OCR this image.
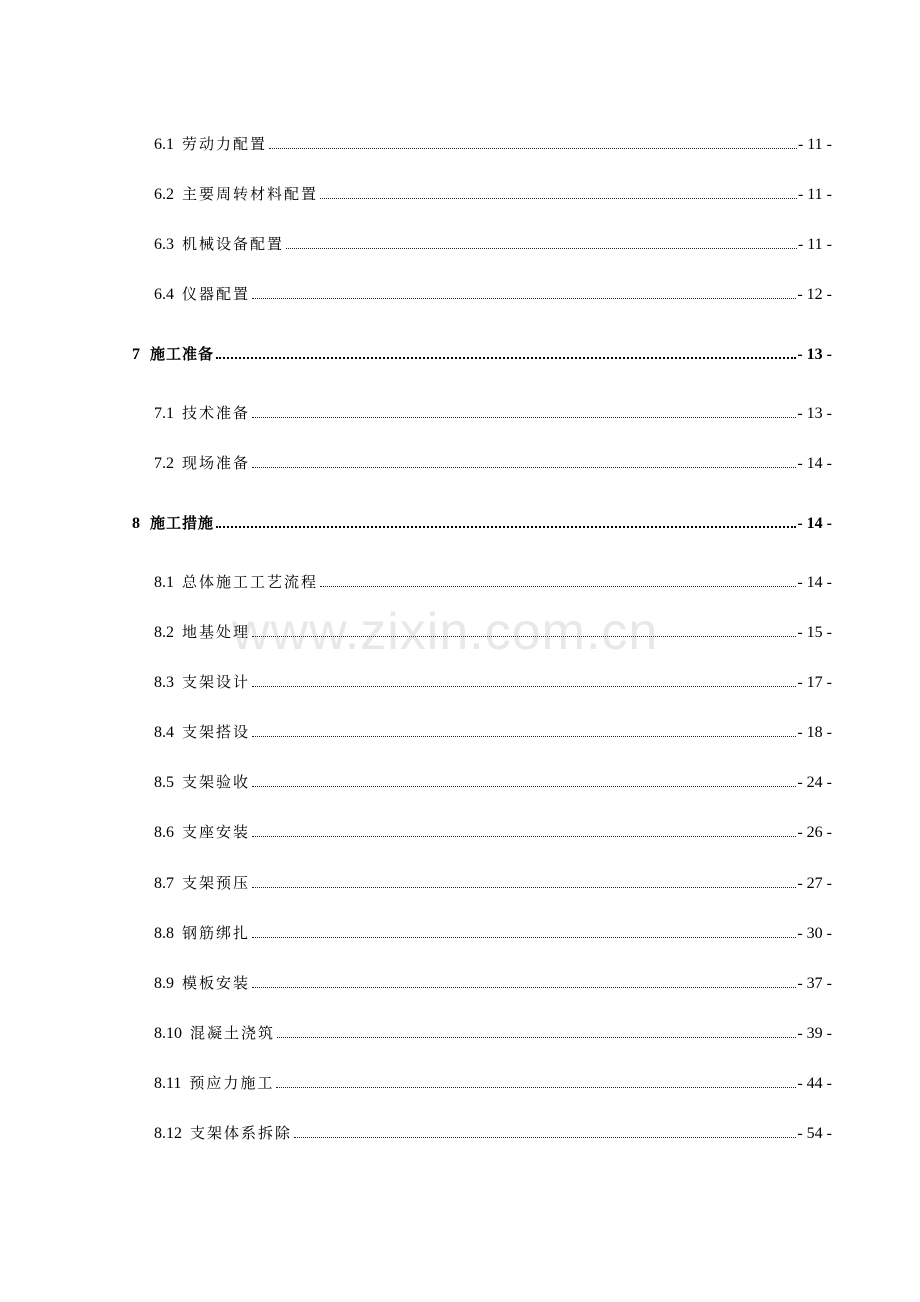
6.1 劳动力配置	- 11 -
6.2 主要周转材料配置	- 11 -
6.3 机械设备配置	- 11 -
6.4 仪器配置	- 12 -
7 施工准备	- 13 -
7.1 技术准备	- 13 -
7.2 现场准备	- 14 -
8 施工措施	- 14 -
8.1 总体施工工艺流程	- 14 -
8.2 地基处理	- 15 -
8.3 支架设计	- 17 -
8.4 支架搭设	- 18 -
8.5 支架验收	- 24 -
8.6 支座安装	- 26 -
8.7 支架预压	- 27 -
8.8 钢筋绑扎	- 30 -
8.9 模板安装	- 37 -
8.10 混凝土浇筑	- 39 -
8.11 预应力施工	- 44 -
8.12 支架体系拆除	- 54 -
www.zixin.com.cn
